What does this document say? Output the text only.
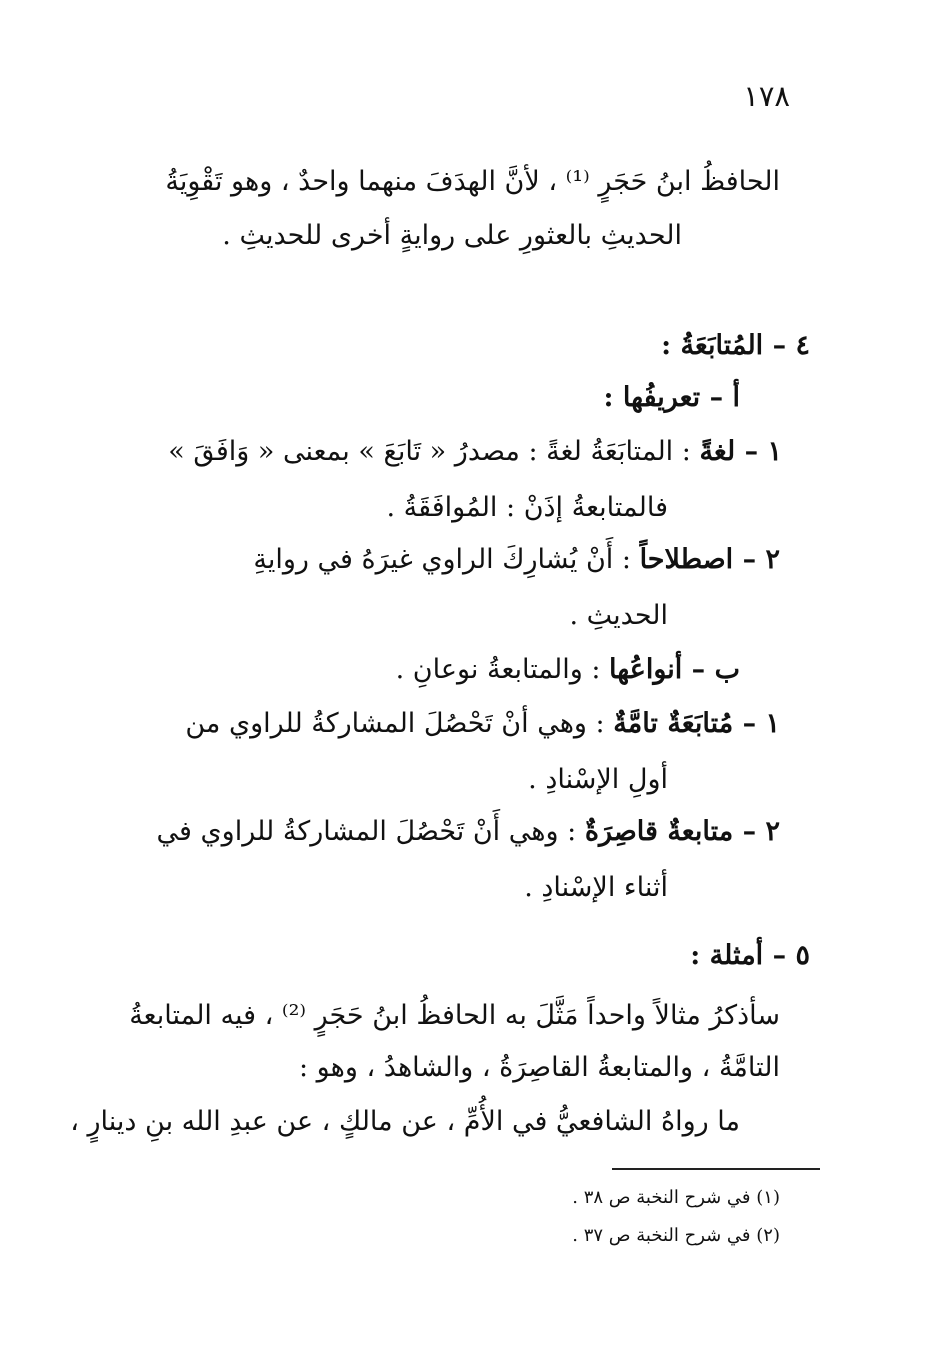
١٧٨
الحافظُ ابنُ حَجَرٍ ⁽¹⁾ ، لأنَّ الهدَفَ منهما واحدٌ ، وهو تَقْوِيَةُ
الحديثِ بالعثورِ على روايةٍ أخرى للحديثِ .
٤ – المُتابَعَةُ :
أ – تعريفُها :
١ – لغةً : المتابَعَةُ لغةً : مصدرُ « تَابَعَ » بمعنى « وَافَقَ »
فالمتابعةُ إذَنْ : المُوافَقَةُ .
٢ – اصطلاحاً : أَنْ يُشارِكَ الراوي غيرَهُ في روايةِ
الحديثِ .
ب – أنواعُها : والمتابعةُ نوعانِ .
١ – مُتابَعَةٌ تامَّةٌ : وهي أنْ تَحْصُلَ المشاركةُ للراوي من
أولِ الإسْنادِ .
٢ – متابعةٌ قاصِرَةٌ : وهي أَنْ تَحْصُلَ المشاركةُ للراوي في
أثناء الإسْنادِ .
٥ – أمثلة :
سأذكرُ مثالاً واحداً مَثَّلَ به الحافظُ ابنُ حَجَرٍ ⁽²⁾ ، فيه المتابعةُ
التامَّةُ ، والمتابعةُ القاصِرَةُ ، والشاهدُ ، وهو :
ما رواهُ الشافعيُّ في الأُمِّ ، عن مالكٍ ، عن عبدِ الله بنِ دينارٍ ،
(١) في شرح النخبة ص ٣٨ .
(٢) في شرح النخبة ص ٣٧ .
